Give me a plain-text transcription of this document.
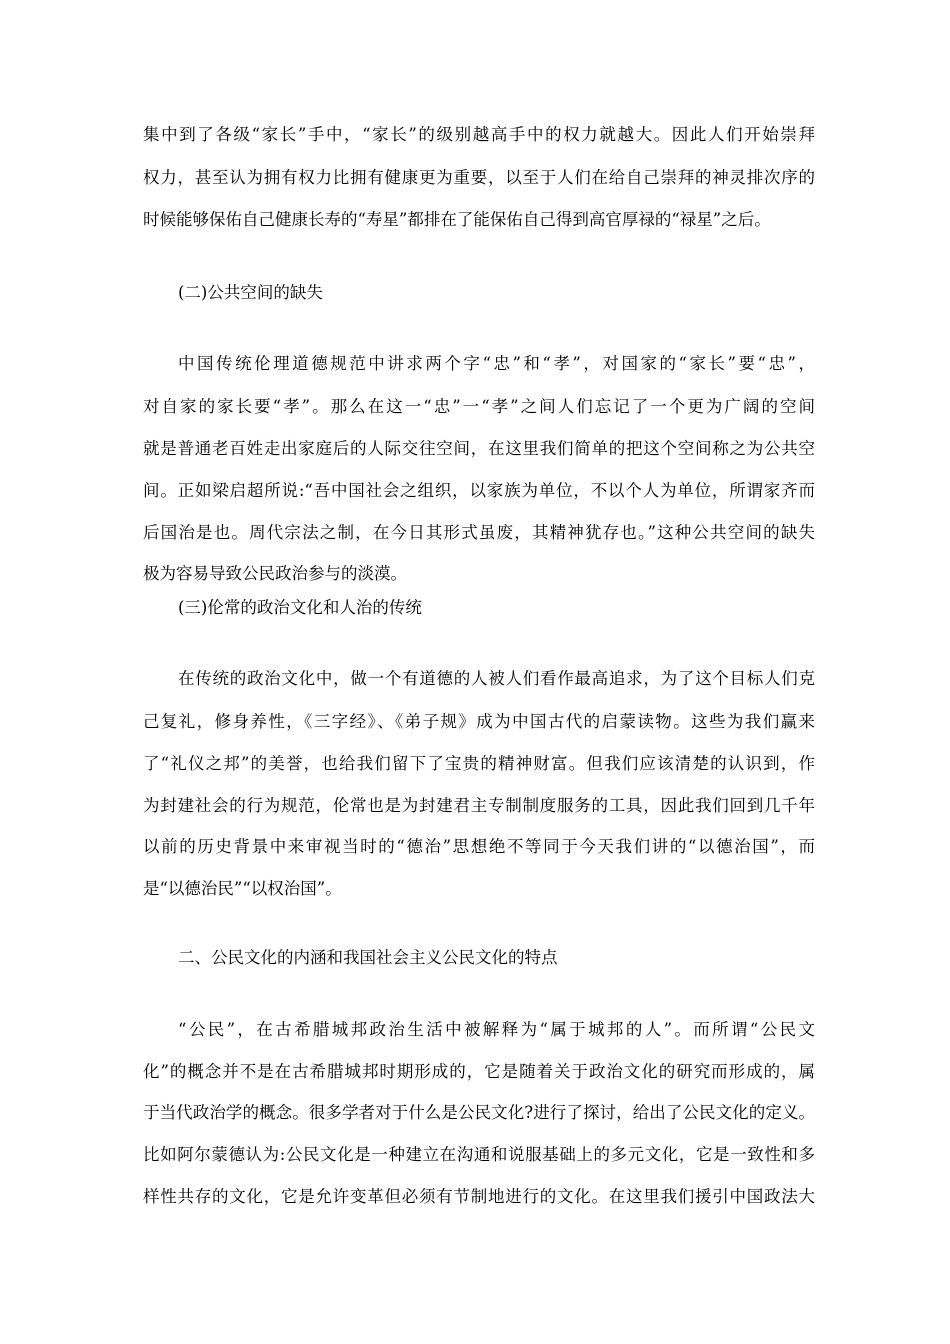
集中到了各级“家长”手中，“家长”的级别越高手中的权力就越大。因此人们开始崇拜
权力，甚至认为拥有权力比拥有健康更为重要，以至于人们在给自己崇拜的神灵排次序的
时候能够保佑自己健康长寿的“寿星”都排在了能保佑自己得到高官厚禄的“禄星”之后。
(二)公共空间的缺失
中国传统伦理道德规范中讲求两个字“忠”和“孝”，对国家的“家长”要“忠”，
对自家的家长要“孝”。那么在这一“忠”一“孝”之间人们忘记了一个更为广阔的空间
就是普通老百姓走出家庭后的人际交往空间，在这里我们简单的把这个空间称之为公共空
间。正如梁启超所说:“吾中国社会之组织，以家族为单位，不以个人为单位，所谓家齐而
后国治是也。周代宗法之制，在今日其形式虽废，其精神犹存也。”这种公共空间的缺失
极为容易导致公民政治参与的淡漠。
(三)伦常的政治文化和人治的传统
在传统的政治文化中，做一个有道德的人被人们看作最高追求，为了这个目标人们克
己复礼，修身养性，《三字经》、《弟子规》成为中国古代的启蒙读物。这些为我们赢来
了“礼仪之邦”的美誉，也给我们留下了宝贵的精神财富。但我们应该清楚的认识到，作
为封建社会的行为规范，伦常也是为封建君主专制制度服务的工具，因此我们回到几千年
以前的历史背景中来审视当时的“德治”思想绝不等同于今天我们讲的“以德治国”，而
是“以德治民”“以权治国”。
二、公民文化的内涵和我国社会主义公民文化的特点
“公民”，在古希腊城邦政治生活中被解释为“属于城邦的人”。而所谓“公民文
化”的概念并不是在古希腊城邦时期形成的，它是随着关于政治文化的研究而形成的，属
于当代政治学的概念。很多学者对于什么是公民文化?进行了探讨，给出了公民文化的定义。
比如阿尔蒙德认为:公民文化是一种建立在沟通和说服基础上的多元文化，它是一致性和多
样性共存的文化，它是允许变革但必须有节制地进行的文化。在这里我们援引中国政法大
